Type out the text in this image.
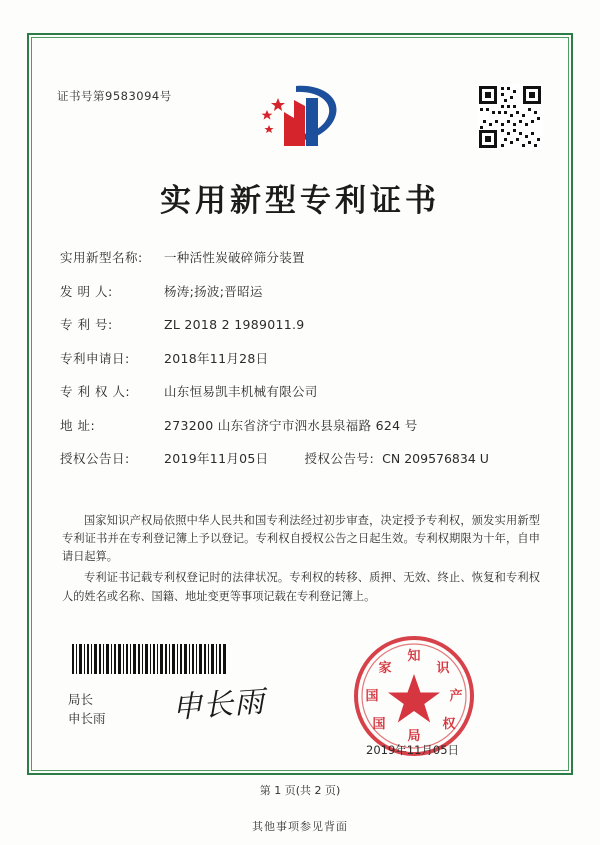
证书号第9583094号
实用新型专利证书
实用新型名称:	一种活性炭破碎筛分装置
发 明 人:	杨涛;扬波;晋昭运
专 利 号:	ZL 2018 2 1989011.9
专利申请日:	2018年11月28日
专 利 权 人:	山东恒易凯丰机械有限公司
地 址:	273200 山东省济宁市泗水县泉福路 624 号
授权公告日:	2019年11月05日	授权公告号: CN 209576834 U

国家知识产权局依照中华人民共和国专利法经过初步审查，决定授予专利权，颁发实用新型专利证书并在专利登记簿上予以登记。专利权自授权公告之日起生效。专利权期限为十年，自申请日起算。

专利证书记载专利权登记时的法律状况。专利权的转移、质押、无效、终止、恢复和专利权人的姓名或名称、国籍、地址变更等事项记载在专利登记簿上。

局长
申长雨 申长雨
知
家	识
国	产
国	权
局
2019年11月05日
第 1 页(共 2 页)
其他事项参见背面
